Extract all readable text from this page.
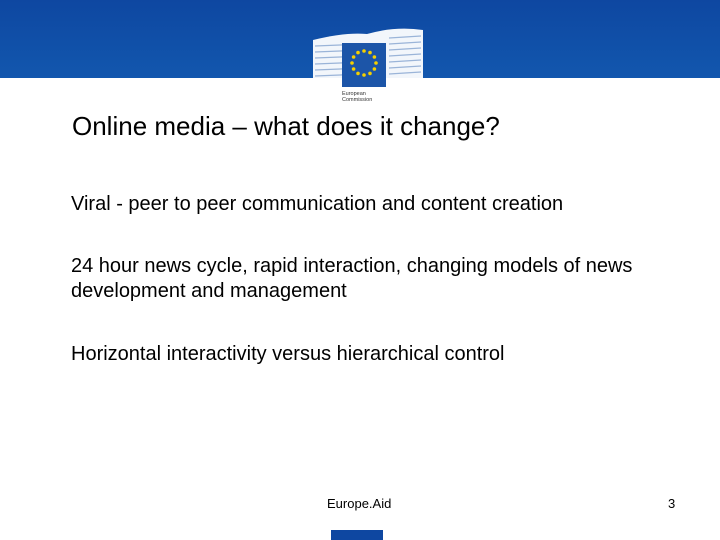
European
Commission
Online media – what does it change?
Viral - peer to peer communication and content creation
24 hour news cycle, rapid interaction, changing models of news development and management
Horizontal interactivity versus hierarchical control
Europe.Aid	3
